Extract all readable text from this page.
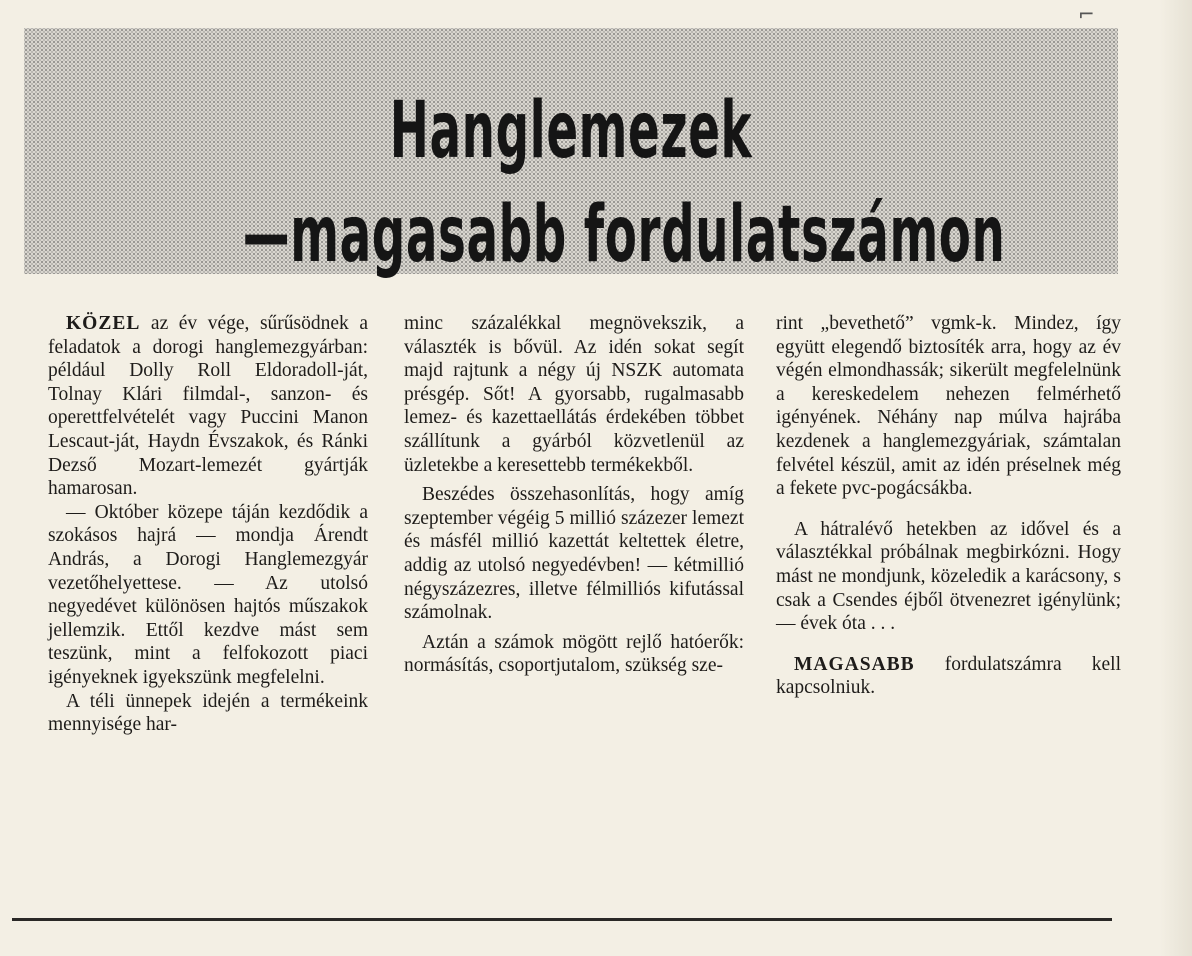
⌐
Hanglemezek
—magasabb fordulatszámon

KÖZEL az év vége, sűrűsödnek a feladatok a dorogi hanglemezgyárban: például Dolly Roll Eldoradoll-ját, Tolnay Klári filmdal-, sanzon- és operettfelvételét vagy Puccini Manon Lescaut-ját, Haydn Évszakok, és Ránki Dezső Mozart-lemezét gyártják hamarosan.

— Október közepe táján kezdődik a szokásos hajrá — mondja Árendt András, a Dorogi Hanglemezgyár vezetőhelyettese. — Az utolsó negyedévet különösen hajtós műszakok jellemzik. Ettől kezdve mást sem teszünk, mint a felfokozott piaci igényeknek igyekszünk megfelelni.

A téli ünnepek idején a termékeink mennyisége har-

minc százalékkal megnövekszik, a választék is bővül. Az idén sokat segít majd rajtunk a négy új NSZK automata présgép. Sőt! A gyorsabb, rugalmasabb lemez- és kazettaellátás érdekében többet szállítunk a gyárból közvetlenül az üzletekbe a keresettebb termékekből.

Beszédes összehasonlítás, hogy amíg szeptember végéig 5 millió százezer lemezt és másfél millió kazettát keltettek életre, addig az utolsó negyedévben! — kétmillió négyszázezres, illetve félmilliós kifutással számolnak.

Aztán a számok mögött rejlő hatóerők: normásítás, csoportjutalom, szükség sze-

rint „bevethető” vgmk-k. Mindez, így együtt elegendő biztosíték arra, hogy az év végén elmondhassák; sikerült megfelelnünk a kereskedelem nehezen felmérhető igényének. Néhány nap múlva hajrába kezdenek a hanglemezgyáriak, számtalan felvétel készül, amit az idén préselnek még a fekete pvc-pogácsákba.

A hátralévő hetekben az idővel és a választékkal próbálnak megbirkózni. Hogy mást ne mondjunk, közeledik a karácsony, s csak a Csendes éjből ötvenezret igénylünk; — évek óta . . .

MAGASABB fordulatszámra kell kapcsolniuk.
